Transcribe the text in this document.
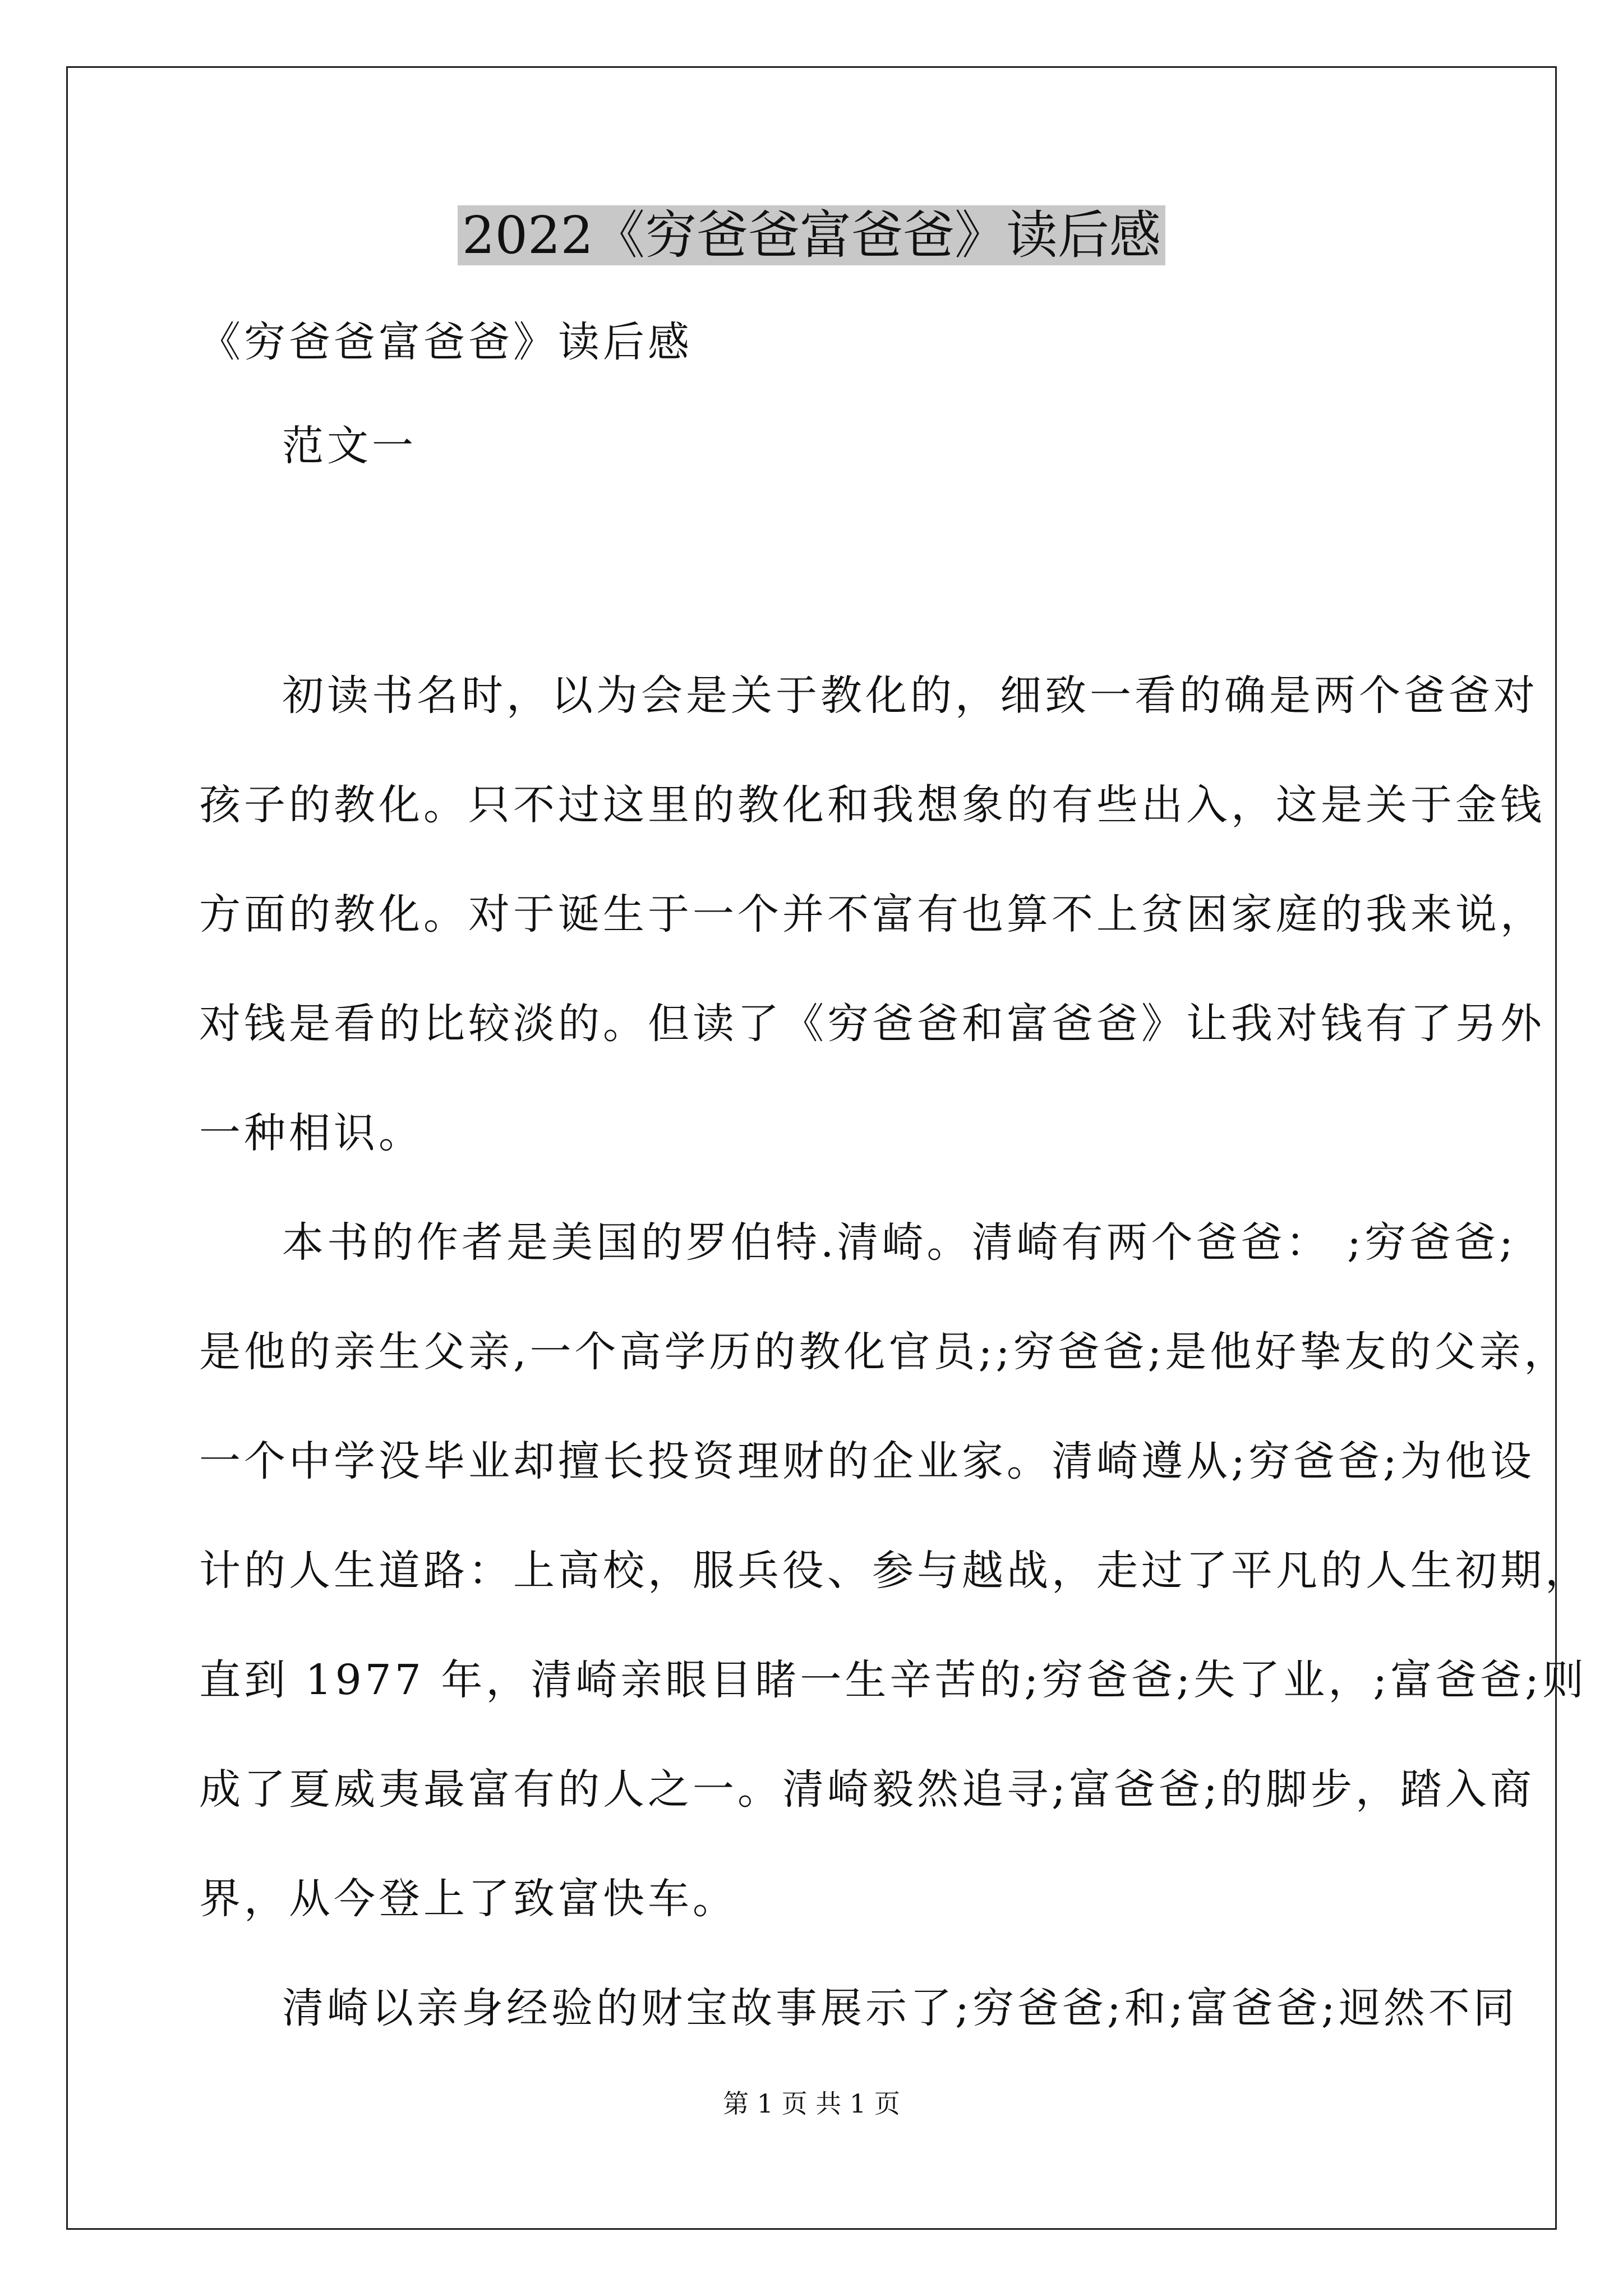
2022《穷爸爸富爸爸》读后感
《穷爸爸富爸爸》读后感
范文一
初读书名时，以为会是关于教化的，细致一看的确是两个爸爸对
孩子的教化。只不过这里的教化和我想象的有些出入，这是关于金钱
方面的教化。对于诞生于一个并不富有也算不上贫困家庭的我来说，
对钱是看的比较淡的。但读了《穷爸爸和富爸爸》让我对钱有了另外
一种相识。
本书的作者是美国的罗伯特.清崎。清崎有两个爸爸： ;穷爸爸;
是他的亲生父亲,一个高学历的教化官员;;穷爸爸;是他好挚友的父亲，
一个中学没毕业却擅长投资理财的企业家。清崎遵从;穷爸爸;为他设
计的人生道路：上高校，服兵役、参与越战，走过了平凡的人生初期，
直到 1977 年，清崎亲眼目睹一生辛苦的;穷爸爸;失了业，;富爸爸;则
成了夏威夷最富有的人之一。清崎毅然追寻;富爸爸;的脚步，踏入商
界，从今登上了致富快车。
清崎以亲身经验的财宝故事展示了;穷爸爸;和;富爸爸;迥然不同
第 1 页 共 1 页
